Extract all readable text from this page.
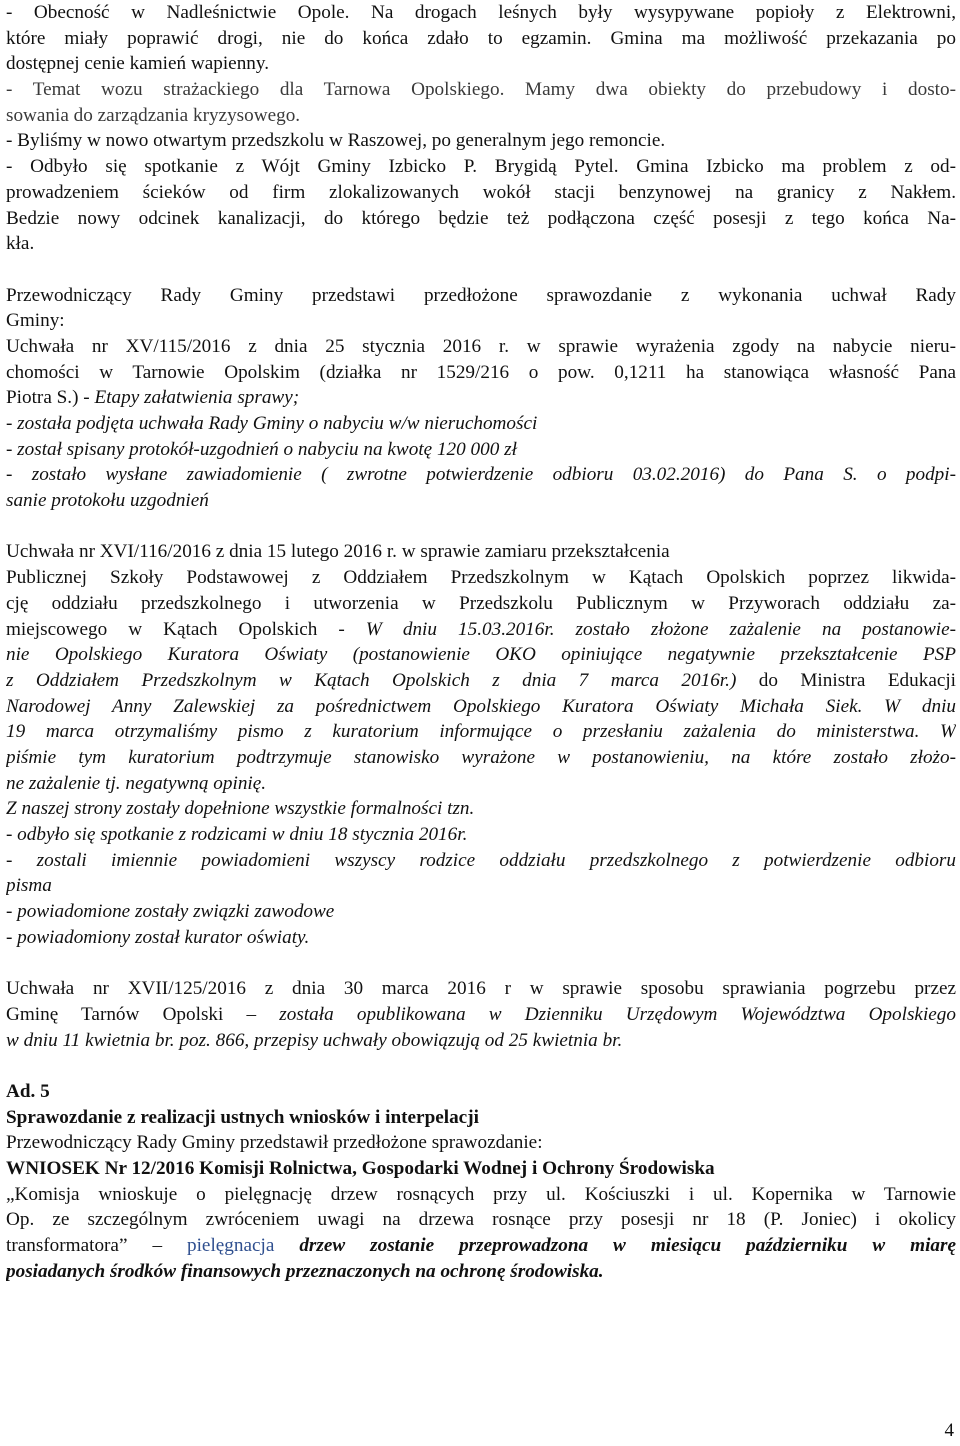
- Obecność w Nadleśnictwie Opole. Na drogach leśnych były wysypywane popioły z Elektrowni,
które miały poprawić drogi, nie do końca zdało to egzamin. Gmina ma możliwość przekazania po
dostępnej cenie kamień wapienny.
- Temat wozu strażackiego dla Tarnowa Opolskiego. Mamy dwa obiekty do przebudowy i dosto-
sowania do zarządzania kryzysowego.
- Byliśmy w nowo otwartym przedszkolu w Raszowej, po generalnym jego remoncie.
- Odbyło się spotkanie z Wójt Gminy Izbicko P. Brygidą Pytel. Gmina Izbicko ma problem z od-
prowadzeniem ścieków od firm zlokalizowanych wokół stacji benzynowej na granicy z Nakłem.
Bedzie nowy odcinek kanalizacji, do którego będzie też podłączona część posesji z tego końca Na-
kła.
Przewodniczący Rady Gminy przedstawi przedłożone sprawozdanie z wykonania uchwał Rady
Gminy:
Uchwała nr XV/115/2016 z dnia 25 stycznia 2016 r. w sprawie wyrażenia zgody na nabycie nieru-
chomości w Tarnowie Opolskim (działka nr 1529/216 o pow. 0,1211 ha stanowiąca własność Pana
Piotra S.) - Etapy załatwienia sprawy;
- została podjęta uchwała Rady Gminy o nabyciu w/w nieruchomości
- został spisany protokół-uzgodnień o nabyciu na kwotę 120 000 zł
- zostało wysłane zawiadomienie ( zwrotne potwierdzenie odbioru 03.02.2016) do Pana S. o podpi-
sanie protokołu uzgodnień
Uchwała nr XVI/116/2016 z dnia 15 lutego 2016 r. w sprawie zamiaru przekształcenia
Publicznej Szkoły Podstawowej z Oddziałem Przedszkolnym w Kątach Opolskich poprzez likwida-
cję oddziału przedszkolnego i utworzenia w Przedszkolu Publicznym w Przyworach oddziału za-
miejscowego w Kątach Opolskich - W dniu 15.03.2016r. zostało złożone zażalenie na postanowie-
nie Opolskiego Kuratora Oświaty (postanowienie OKO opiniujące negatywnie przekształcenie PSP
z Oddziałem Przedszkolnym w Kątach Opolskich z dnia 7 marca 2016r.) do Ministra Edukacji
Narodowej Anny Zalewskiej za pośrednictwem Opolskiego Kuratora Oświaty Michała Siek. W dniu
19 marca otrzymaliśmy pismo z kuratorium informujące o przesłaniu zażalenia do ministerstwa. W
piśmie tym kuratorium podtrzymuje stanowisko wyrażone w postanowieniu, na które zostało złożo-
ne zażalenie tj. negatywną opinię.
Z naszej strony zostały dopełnione wszystkie formalności tzn.
- odbyło się spotkanie z rodzicami w dniu 18 stycznia 2016r.
- zostali imiennie powiadomieni wszyscy rodzice oddziału przedszkolnego z potwierdzenie odbioru
pisma
- powiadomione zostały związki zawodowe
- powiadomiony został kurator oświaty.
Uchwała nr XVII/125/2016 z dnia 30 marca 2016 r w sprawie sposobu sprawiania pogrzebu przez
Gminę Tarnów Opolski – została opublikowana w Dzienniku Urzędowym Województwa Opolskiego
w dniu 11 kwietnia br. poz. 866, przepisy uchwały obowiązują od 25 kwietnia br.
Ad. 5
Sprawozdanie z realizacji ustnych wniosków i interpelacji
Przewodniczący Rady Gminy przedstawił przedłożone sprawozdanie:
WNIOSEK Nr 12/2016 Komisji Rolnictwa, Gospodarki Wodnej i Ochrony Środowiska
„Komisja wnioskuje o pielęgnację drzew rosnących przy ul. Kościuszki i ul. Kopernika w Tarnowie
Op. ze szczególnym zwróceniem uwagi na drzewa rosnące przy posesji nr 18 (P. Joniec) i okolicy
transformatora” – pielęgnacja drzew zostanie przeprowadzona w miesiącu październiku w miarę
posiadanych środków finansowych przeznaczonych na ochronę środowiska.
4
